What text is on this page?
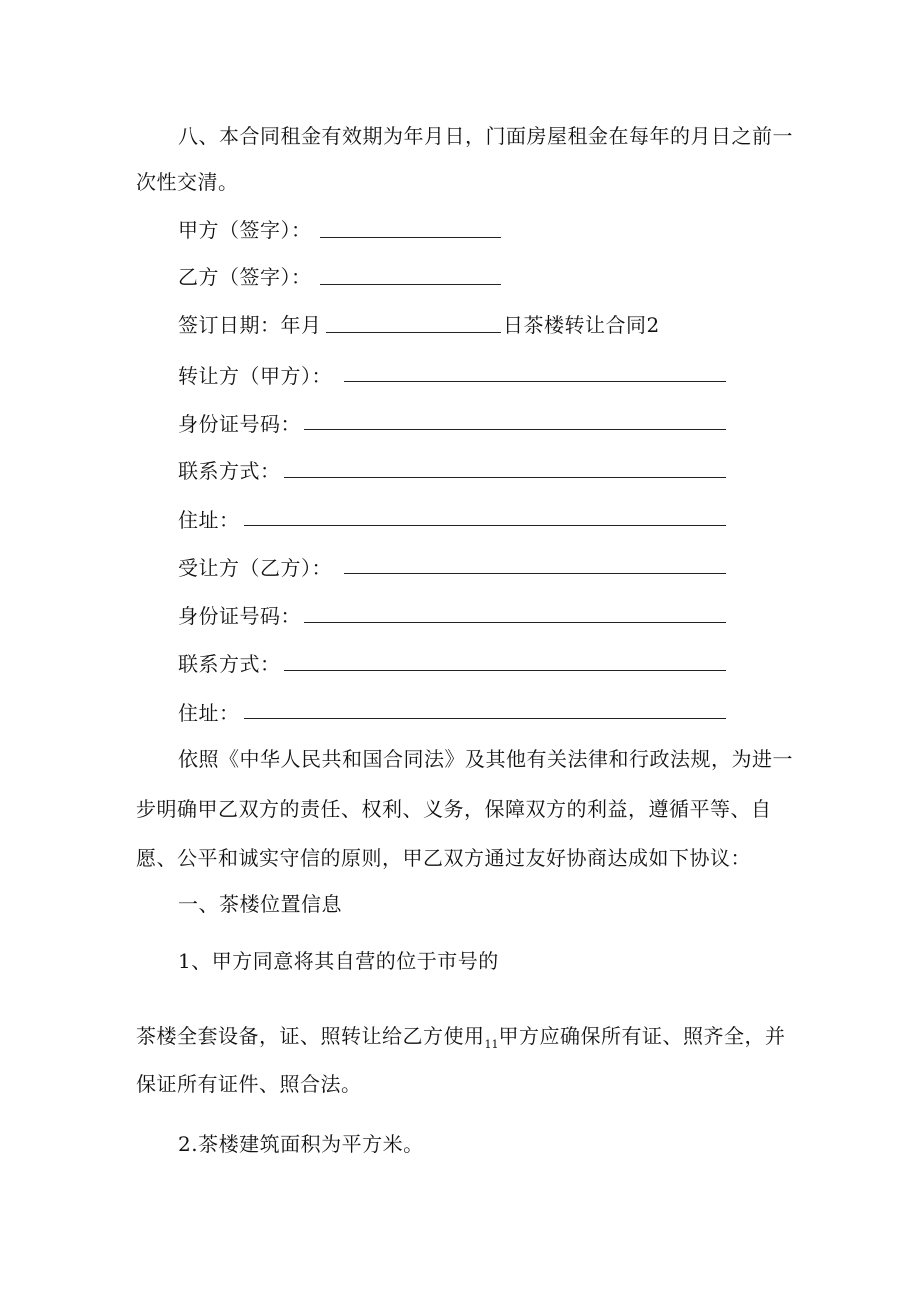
八、本合同租金有效期为年月日，门面房屋租金在每年的月日之前一
次性交清。
甲方（签字）：
乙方（签字）：
签订日期：年月	日茶楼转让合同2
转让方（甲方）：
身份证号码：
联系方式：
住址：
受让方（乙方）：
身份证号码：
联系方式：
住址：
依照《中华人民共和国合同法》及其他有关法律和行政法规，为进一
步明确甲乙双方的责任、权利、义务，保障双方的利益，遵循平等、自
愿、公平和诚实守信的原则，甲乙双方通过友好协商达成如下协议：
一、茶楼位置信息
1、甲方同意将其自营的位于市号的
茶楼全套设备，证、照转让给乙方使用$_{11}$甲方应确保所有证、照齐全，并
保证所有证件、照合法。
2.茶楼建筑面积为平方米。
